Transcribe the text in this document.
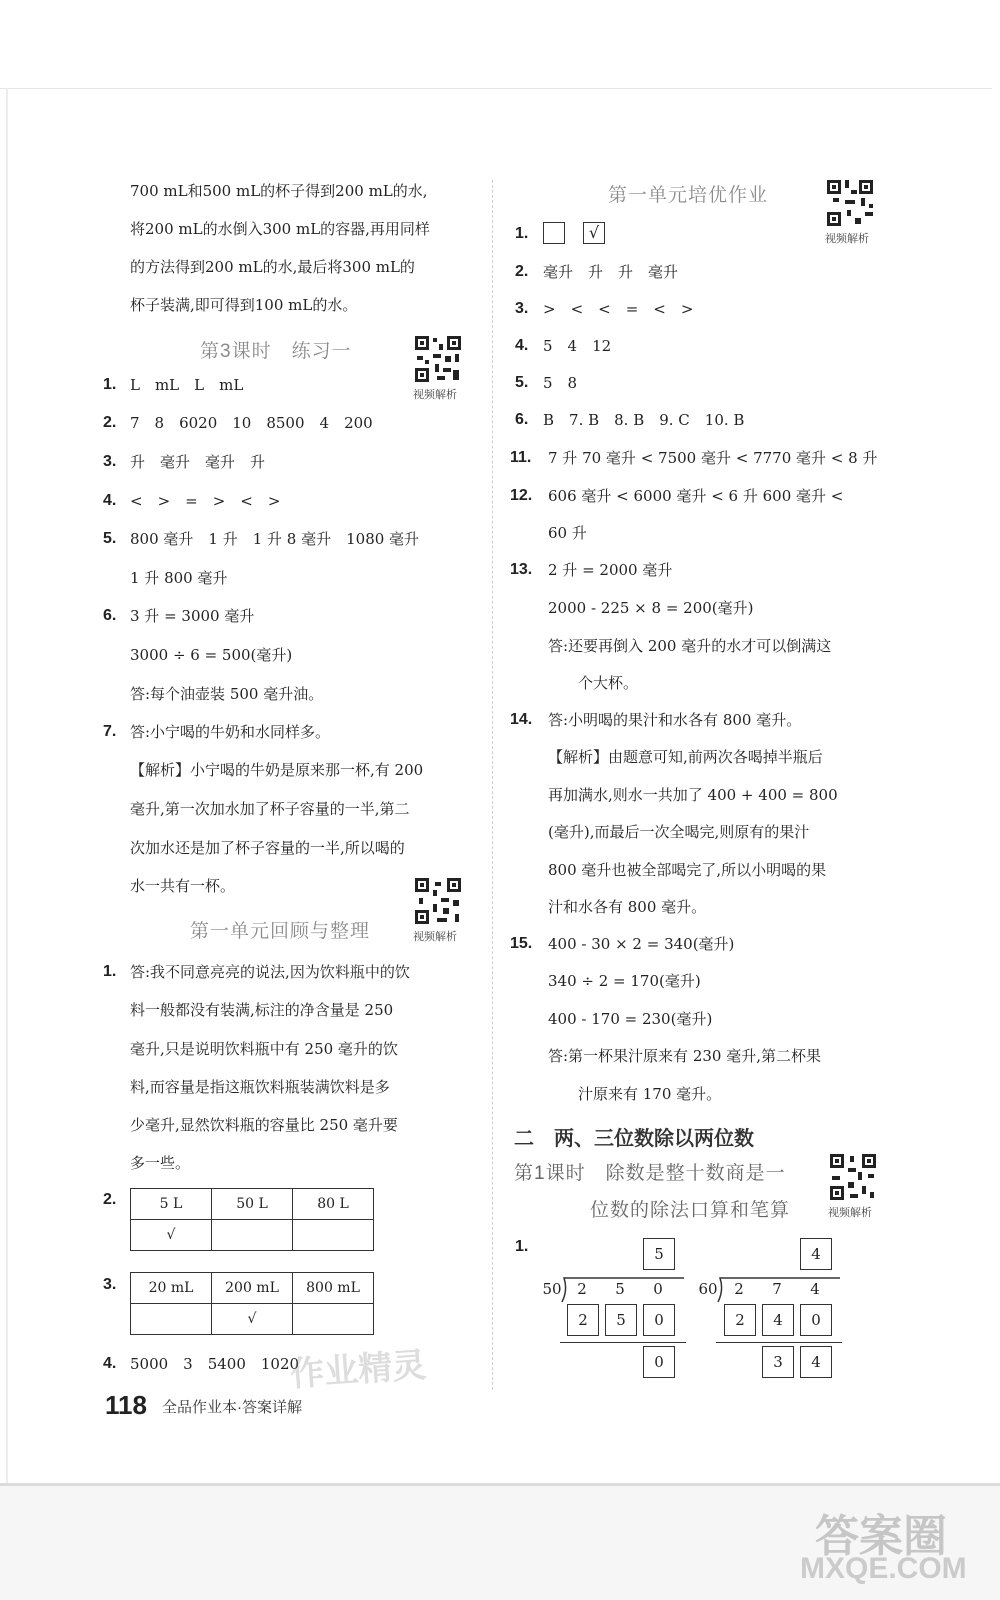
700 mL和500 mL的杯子得到200 mL的水,
将200 mL的水倒入300 mL的容器,再用同样
的方法得到200 mL的水,最后将300 mL的
杯子装满,即可得到100 mL的水。
第3课时　练习一
视频解析
1. L　mL　L　mL
2. 7　8　6020　10　8500　4　200
3. 升　毫升　毫升　升
4. <　>　=　>　<　>
5. 800 毫升　1 升　1 升 8 毫升　1080 毫升
1 升 800 毫升
6. 3 升 = 3000 毫升
3000 ÷ 6 = 500(毫升)
答:每个油壶装 500 毫升油。
7. 答:小宁喝的牛奶和水同样多。
【解析】小宁喝的牛奶是原来那一杯,有 200
毫升,第一次加水加了杯子容量的一半,第二
次加水还是加了杯子容量的一半,所以喝的
水一共有一杯。
第一单元回顾与整理	视频解析
1. 答:我不同意亮亮的说法,因为饮料瓶中的饮
料一般都没有装满,标注的净含量是 250
毫升,只是说明饮料瓶中有 250 毫升的饮
料,而容量是指这瓶饮料瓶装满饮料是多
少毫升,显然饮料瓶的容量比 250 毫升要
多一些。
2.	5 L	50 L	80 L
√		
3. 20 mL	200 mL	800 mL
	√	
4. 5000　3　5400　1020
第一单元培优作业
视频解析
1.	√
2. 毫升　升　升　毫升
3. >　<　<　=　<　>
4. 5　4　12
5. 5　8
6. B　7. B　8. B　9. C　10. B
11. 7 升 70 毫升 < 7500 毫升 < 7770 毫升 < 8 升
12. 606 毫升 < 6000 毫升 < 6 升 600 毫升 <
60 升
13. 2 升 = 2000 毫升
2000 - 225 × 8 = 200(毫升)
答:还要再倒入 200 毫升的水才可以倒满这
个大杯。
14. 答:小明喝的果汁和水各有 800 毫升。
【解析】由题意可知,前两次各喝掉半瓶后
再加满水,则水一共加了 400 + 400 = 800
(毫升),而最后一次全喝完,则原有的果汁
800 毫升也被全部喝完了,所以小明喝的果
汁和水各有 800 毫升。
15. 400 - 30 × 2 = 340(毫升)
340 ÷ 2 = 170(毫升)
400 - 170 = 230(毫升)
答:第一杯果汁原来有 230 毫升,第二杯果
汁原来有 170 毫升。
二　两、三位数除以两位数
第1课时　除数是整十数商是一
位数的除法口算和笔算	视频解析
1.	5
50	2	5	0
2	5	0
0
4
60	2	7	4
2	4	0
3	4
118 全品作业本·答案详解
作业精灵
答案圈
MXQE.COM
